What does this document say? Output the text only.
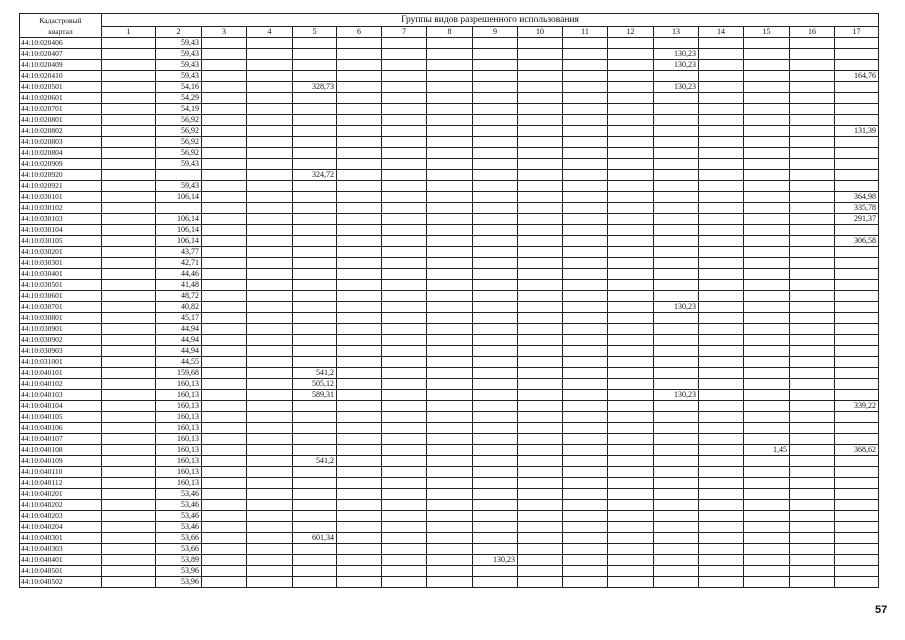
Кадастровый
квартал	Группы видов разрешенного использования																
	1	2	3	4	5	6	7	8	9	10	11	12	13	14	15	16	17
44:10:020406		59,43															
44:10:020407		59,43											130,23				
44:10:020409		59,43											130,23				
44:10:020410		59,43															164,76
44:10:020501		54,16			328,73								130,23				
44:10:020601		54,29															
44:10:020701		54,19															
44:10:020801		56,92															
44:10:020802		56,92															131,39
44:10:020803		56,92															
44:10:020804		56,92															
44:10:020909		59,43															
44:10:020920					324,72												
44:10:020921		59,43															
44:10:030101		106,14															364,98
44:10:030102																	335,78
44:10:030103		106,14															291,37
44:10:030104		106,14															
44:10:030105		106,14															306,58
44:10:030201		43,77															
44:10:030301		42,71															
44:10:030401		44,46															
44:10:030501		41,48															
44:10:030601		48,72															
44:10:030701		40,82											130,23				
44:10:030801		45,17															
44:10:030901		44,94															
44:10:030902		44,94															
44:10:030903		44,94															
44:10:031001		44,55															
44:10:040101		159,68			541,2												
44:10:040102		160,13			505,12												
44:10:040103		160,13			589,31								130,23				
44:10:040104		160,13															339,22
44:10:040105		160,13															
44:10:040106		160,13															
44:10:040107		160,13															
44:10:040108		160,13													1,45		368,62
44:10:040109		160,13			541,2												
44:10:040110		160,13															
44:10:040112		160,13															
44:10:040201		53,46															
44:10:040202		53,46															
44:10:040203		53,46															
44:10:040204		53,46															
44:10:040301		53,66			601,34												
44:10:040303		53,66															
44:10:040401		53,89							130,23								
44:10:040501		53,96															
44:10:040502		53,96															
57
